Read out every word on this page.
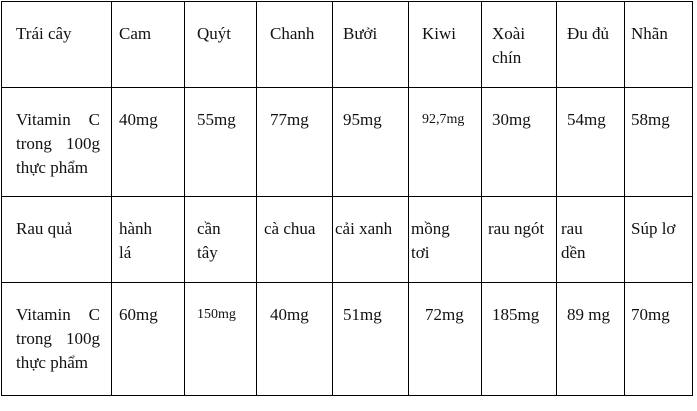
Trái cây	Cam	Quýt	Chanh	Bưởi	Kiwi	Xoài chín	Đu đủ	Nhãn

Vitamin C trong 100g thực phẩm	40mg	55mg	77mg	95mg	92,7mg	30mg	54mg	58mg

Rau quả	hành lá	cần tây	cà chua	cải xanh	mồng tơi	rau ngót	rau dền	Súp lơ

Vitamin C trong 100g thực phẩm	60mg	150mg	40mg	51mg	72mg	185mg	89 mg	70mg
